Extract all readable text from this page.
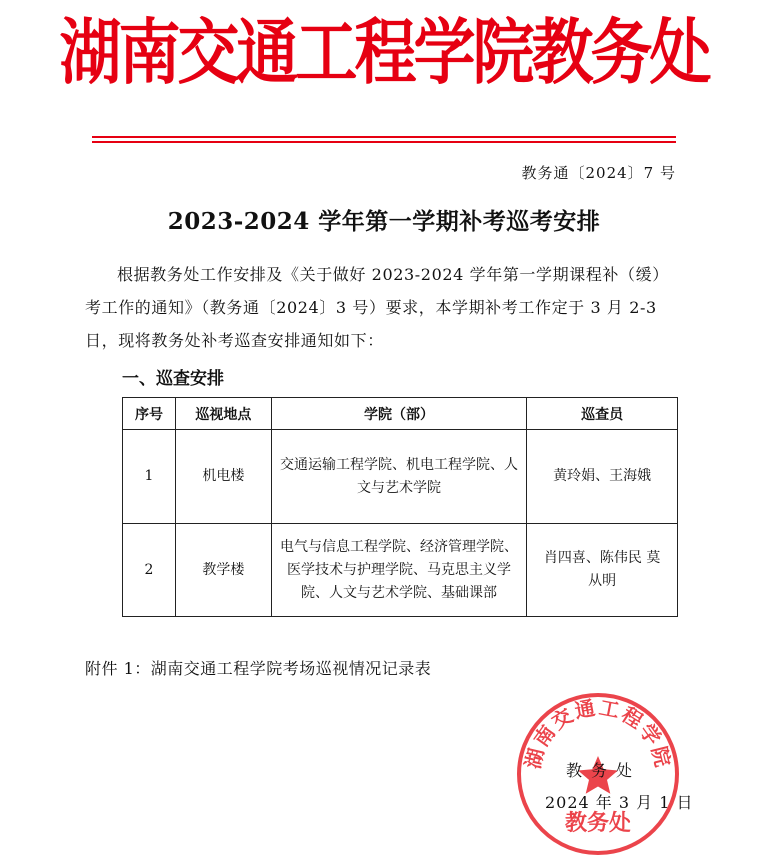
湖南交通工程学院教务处
教务通〔2024〕7 号
2023-2024 学年第一学期补考巡考安排

根据教务处工作安排及《关于做好 2023-2024 学年第一学期课程补（缓）考工作的通知》（教务通〔2024〕3 号）要求，本学期补考工作定于 3 月 2-3 日，现将教务处补考巡查安排通知如下：

一、巡查安排
序号	巡视地点	学院（部）	巡查员
1	机电楼	交通运输工程学院、机电工程学院、人文与艺术学院	黄玲娟、王海娥
2	教学楼	电气与信息工程学院、经济管理学院、医学技术与护理学院、马克思主义学院、人文与艺术学院、基础课部	肖四喜、陈伟民 莫从明
附件 1：湖南交通工程学院考场巡视情况记录表
湖南交通工程学院
教务处
教务处
2024 年 3 月 1 日
